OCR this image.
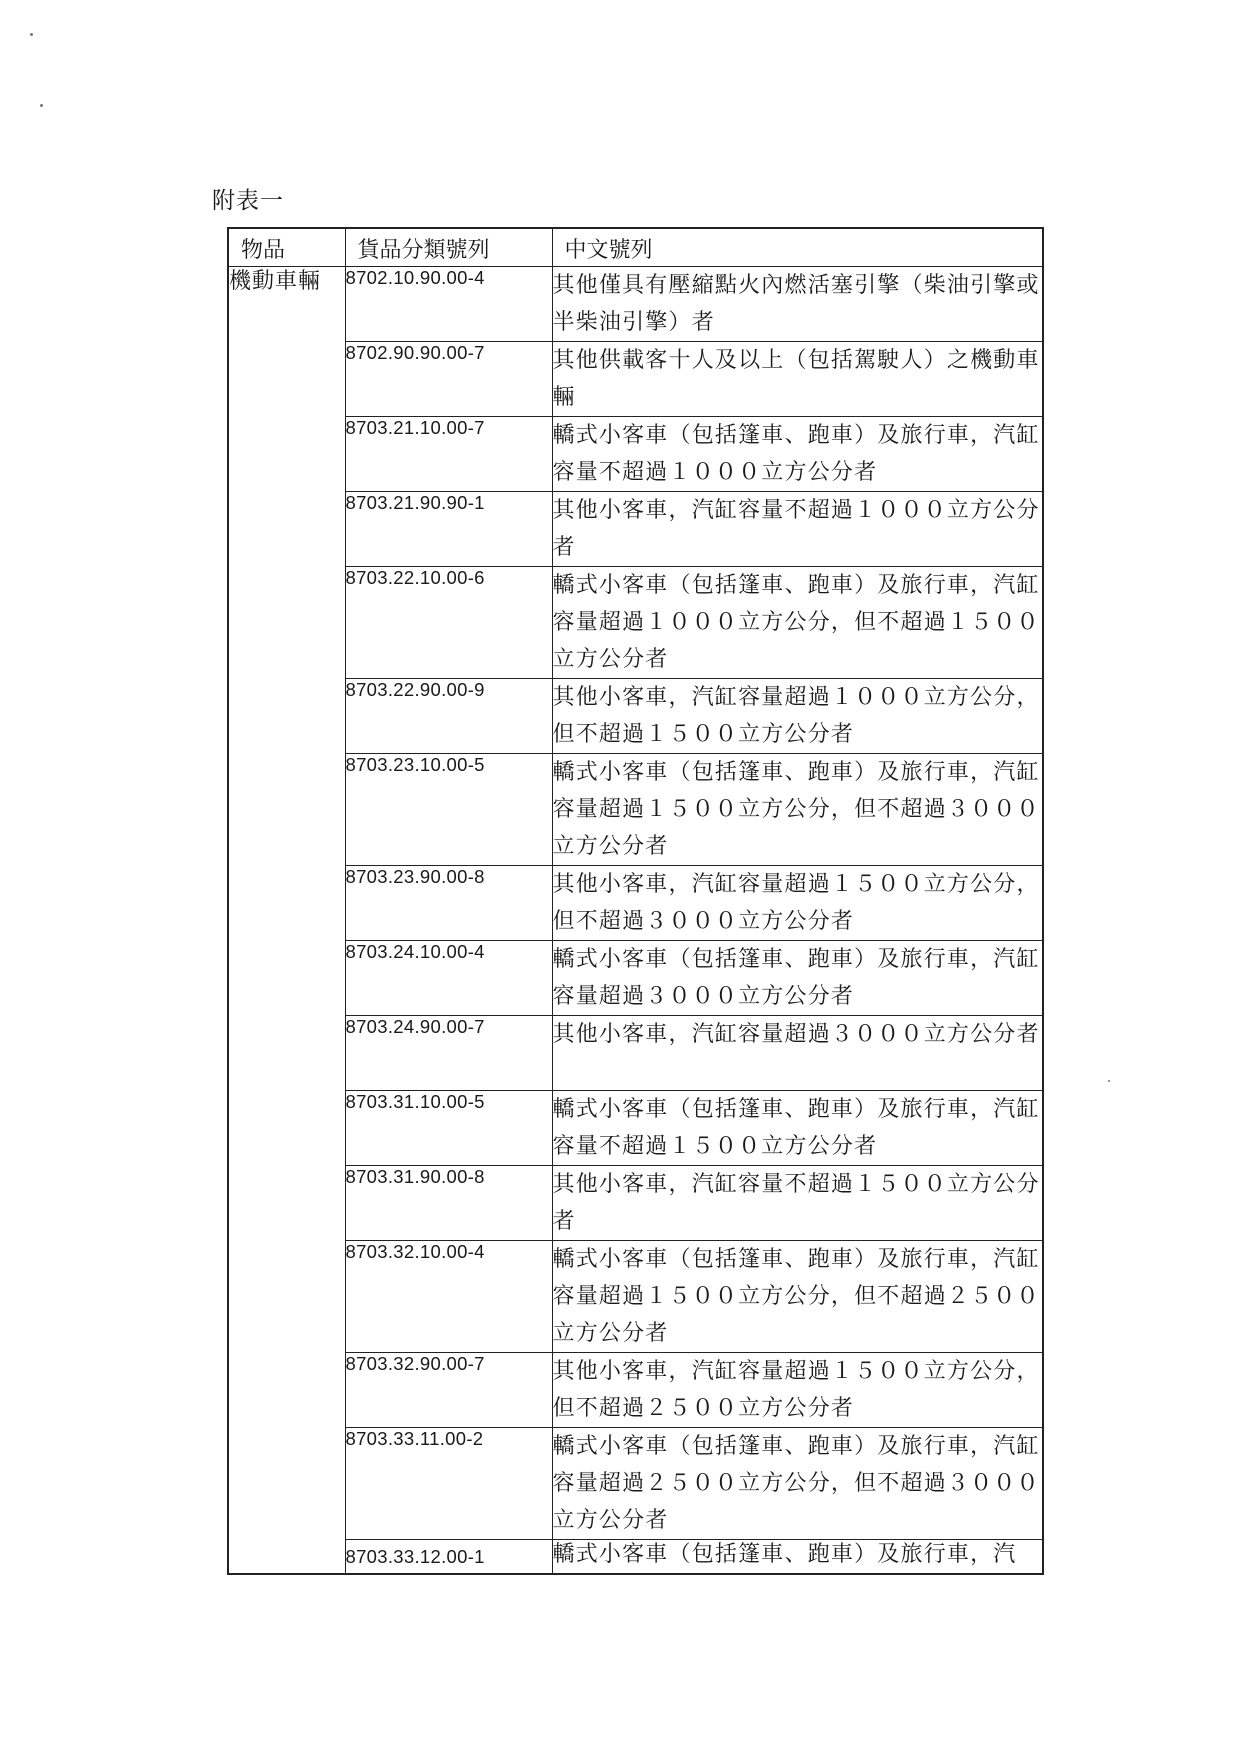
附表一
物品	貨品分類號列	中文號列
機動車輛	8702.10.90.00-4	其他僅具有壓縮點火內燃活塞引擎（柴油引擎或半柴油引擎）者
	8702.90.90.00-7	其他供載客十人及以上（包括駕駛人）之機動車輛
	8703.21.10.00-7	轎式小客車（包括篷車、跑車）及旅行車，汽缸容量不超過１０００立方公分者
	8703.21.90.90-1	其他小客車，汽缸容量不超過１０００立方公分者
	8703.22.10.00-6	轎式小客車（包括篷車、跑車）及旅行車，汽缸容量超過１０００立方公分，但不超過１５００立方公分者
	8703.22.90.00-9	其他小客車，汽缸容量超過１０００立方公分，但不超過１５００立方公分者
	8703.23.10.00-5	轎式小客車（包括篷車、跑車）及旅行車，汽缸容量超過１５００立方公分，但不超過３０００立方公分者
	8703.23.90.00-8	其他小客車，汽缸容量超過１５００立方公分，但不超過３０００立方公分者
	8703.24.10.00-4	轎式小客車（包括篷車、跑車）及旅行車，汽缸容量超過３０００立方公分者
	8703.24.90.00-7	其他小客車，汽缸容量超過３０００立方公分者
	8703.31.10.00-5	轎式小客車（包括篷車、跑車）及旅行車，汽缸容量不超過１５００立方公分者
	8703.31.90.00-8	其他小客車，汽缸容量不超過１５００立方公分者
	8703.32.10.00-4	轎式小客車（包括篷車、跑車）及旅行車，汽缸容量超過１５００立方公分，但不超過２５００立方公分者
	8703.32.90.00-7	其他小客車，汽缸容量超過１５００立方公分，但不超過２５００立方公分者
	8703.33.11.00-2	轎式小客車（包括篷車、跑車）及旅行車，汽缸容量超過２５００立方公分，但不超過３０００立方公分者
	8703.33.12.00-1	轎式小客車（包括篷車、跑車）及旅行車，汽
